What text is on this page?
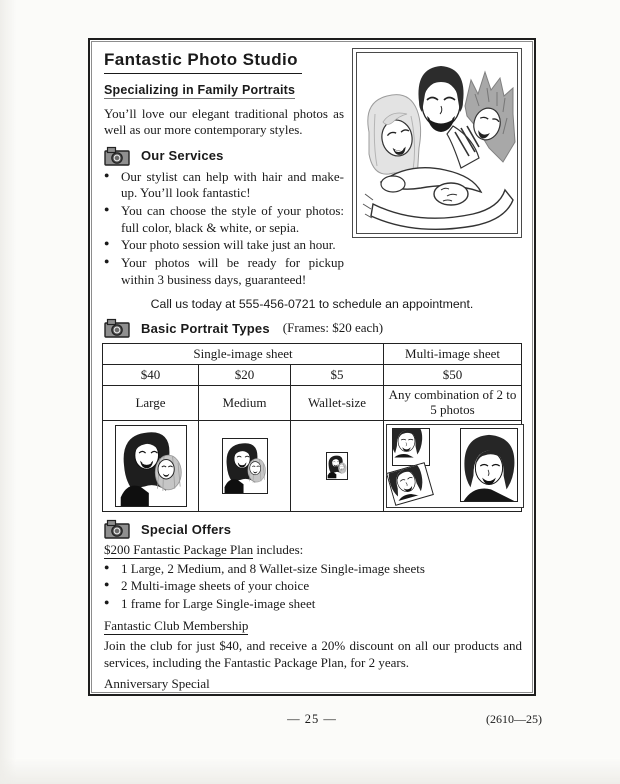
Fantastic Photo Studio
Specializing in Family Portraits

You’ll love our elegant traditional photos as well as our more contemporary styles.

Our Services
● Our stylist can help with hair and make-up. You’ll look fantastic!
● You can choose the style of your photos: full color, black & white, or sepia.
● Your photo session will take just an hour.
● Your photos will be ready for pickup within 3 business days, guaranteed!
Call us today at 555-456-0721 to schedule an appointment.
Basic Portrait Types (Frames: $20 each)
Single-image sheet			Multi-image sheet
$40	$20	$5	$50
Large	Medium	Wallet-size	Any combination of 2 to 5 photos

Special Offers

$200 Fantastic Package Plan includes:

● 1 Large, 2 Medium, and 8 Wallet-size Single-image sheets
● 2 Multi-image sheets of your choice
● 1 frame for Large Single-image sheet
Fantastic Club Membership

Join the club for just $40, and receive a 20% discount on all our products and services, including the Fantastic Package Plan, for 2 years.

Anniversary Special

— 25 —	(2610—25)
